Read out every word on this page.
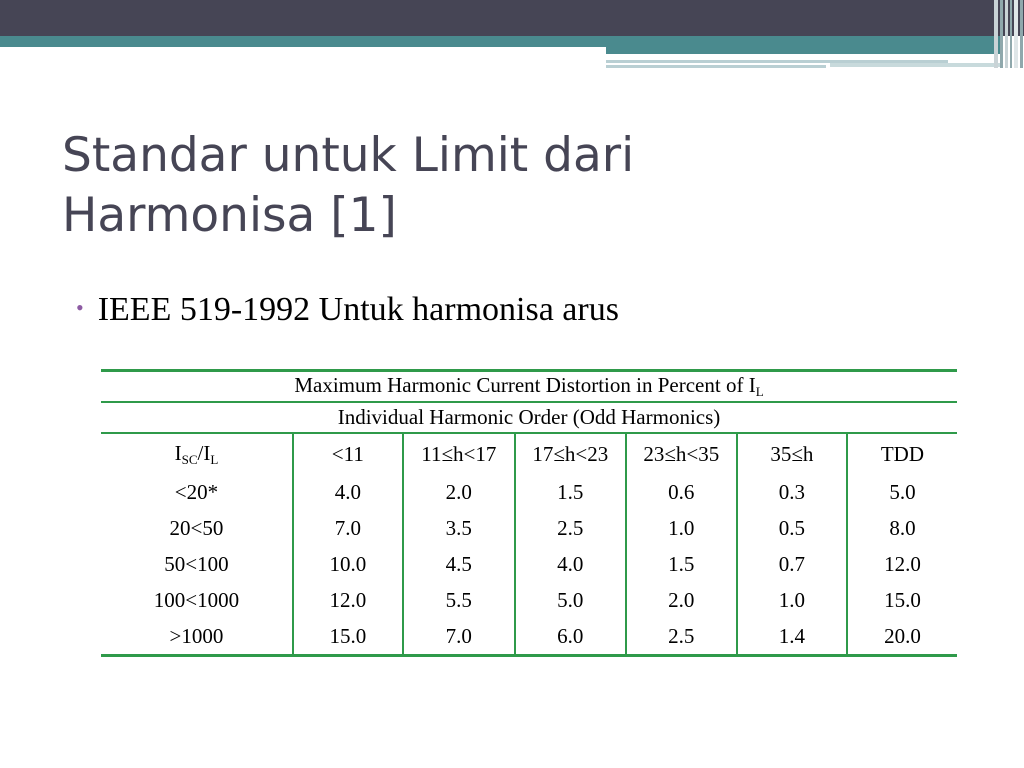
Standar untuk Limit dari
Harmonisa [1]
• IEEE 519-1992 Untuk harmonisa arus
Maximum Harmonic Current Distortion in Percent of $I_L$
Individual Harmonic Order (Odd Harmonics)						
$I_{SC}/I_L$	<11	11≤h<17	17≤h<23	23≤h<35	35≤h	TDD
<20*	4.0	2.0	1.5	0.6	0.3	5.0
20<50	7.0	3.5	2.5	1.0	0.5	8.0
50<100	10.0	4.5	4.0	1.5	0.7	12.0
100<1000	12.0	5.5	5.0	2.0	1.0	15.0
>1000	15.0	7.0	6.0	2.5	1.4	20.0
